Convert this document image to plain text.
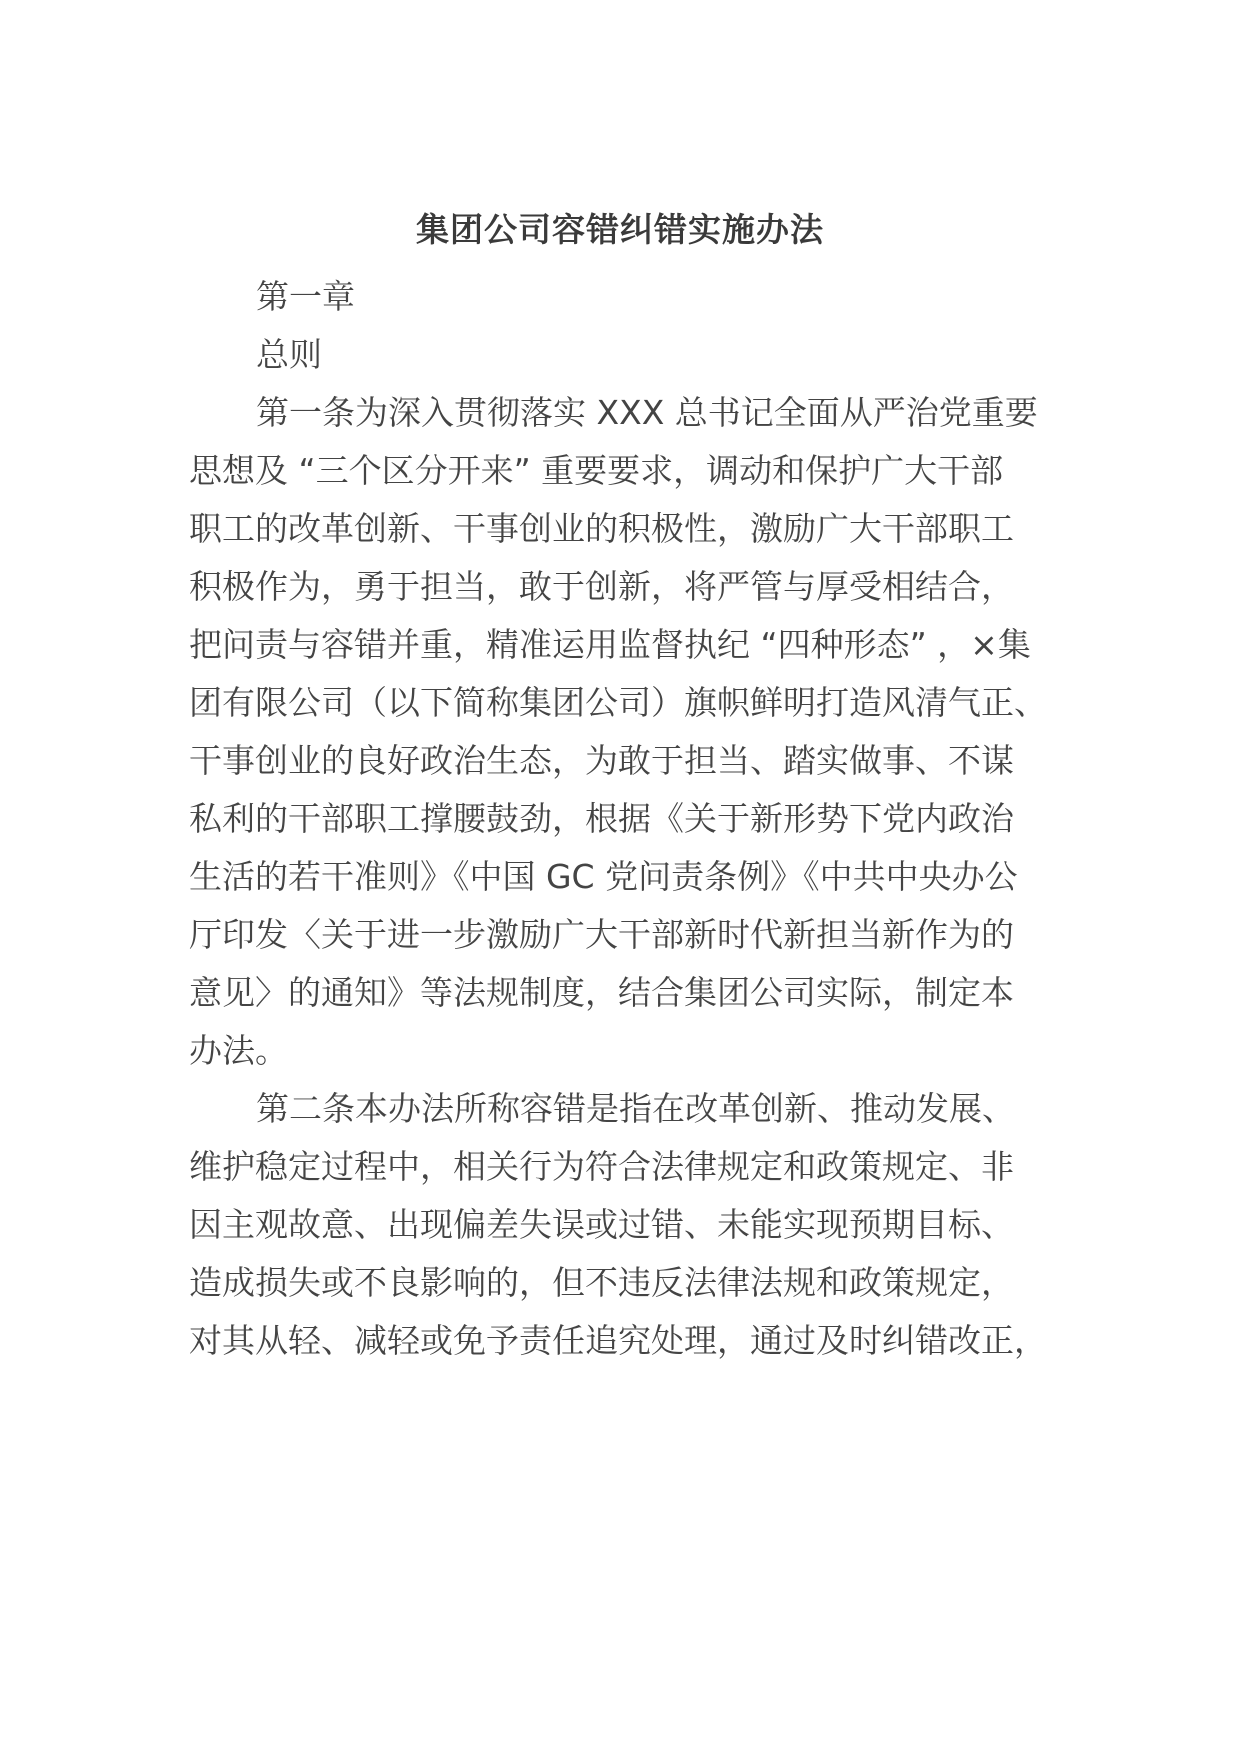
集团公司容错纠错实施办法
第一章
总则
第一条为深入贯彻落实 XXX 总书记全面从严治党重要
思想及 “三个区分开来” 重要要求，调动和保护广大干部
职工的改革创新、干事创业的积极性，激励广大干部职工
积极作为，勇于担当，敢于创新，将严管与厚受相结合，
把问责与容错并重，精准运用监督执纪 “四种形态” ，×集
团有限公司（以下简称集团公司）旗帜鲜明打造风清气正、
干事创业的良好政治生态，为敢于担当、踏实做事、不谋
私利的干部职工撑腰鼓劲，根据《关于新形势下党内政治
生活的若干准则》《中国 GC 党问责条例》《中共中央办公
厅印发〈关于进一步激励广大干部新时代新担当新作为的
意见〉的通知》等法规制度，结合集团公司实际，制定本
办法。
第二条本办法所称容错是指在改革创新、推动发展、
维护稳定过程中，相关行为符合法律规定和政策规定、非
因主观故意、出现偏差失误或过错、未能实现预期目标、
造成损失或不良影响的，但不违反法律法规和政策规定，
对其从轻、减轻或免予责任追究处理，通过及时纠错改正，
